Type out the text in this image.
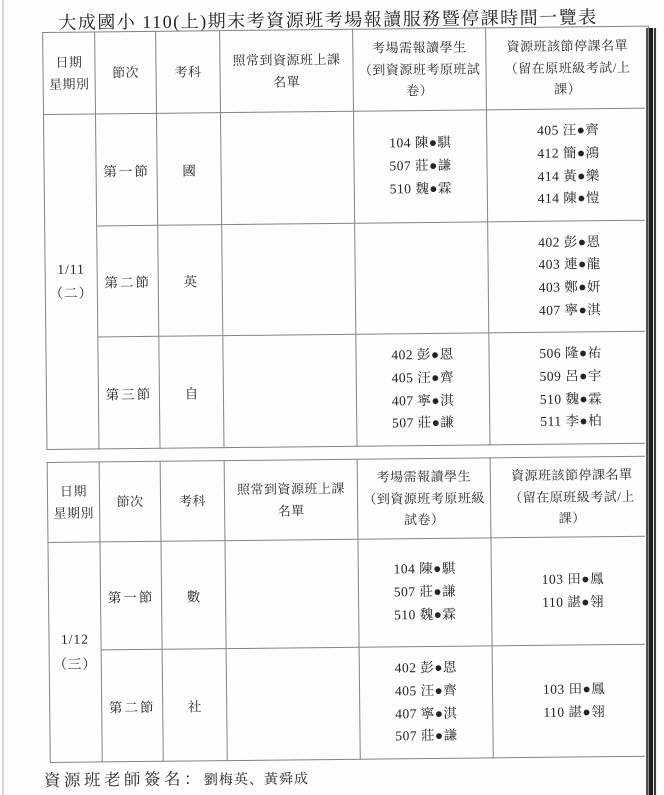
大成國小 110(上)期末考資源班考場報讀服務暨停課時間一覽表
日期
星期別	節次	考科	照常到資源班上課
名單	考場需報讀學生
（到資源班考原班試
卷）	資源班該節停課名單
（留在原班級考試/上
課）
1/11
（二）	第一節	國		104 陳●騏
507 莊●謙
510 魏●霖	405 汪●齊
412 簡●鴻
414 黃●樂
414 陳●愷
	第二節	英			402 彭●恩
403 連●龍
403 鄭●妍
407 寧●淇
	第三節	自		402 彭●恩
405 汪●齊
407 寧●淇
507 莊●謙	506 隆●祐
509 呂●宇
510 魏●霖
511 李●柏
日期
星期別	節次	考科	照常到資源班上課
名單	考場需報讀學生
（到資源班考原班級
試卷）	資源班該節停課名單
（留在原班級考試/上
課）
1/12
（三）	第一節	數		104 陳●騏
507 莊●謙
510 魏●霖	103 田●鳳
110 諶●翎
	第二節	社		402 彭●恩
405 汪●齊
407 寧●淇
507 莊●謙	103 田●鳳
110 諶●翎
資源班老師簽名：劉梅英、黃舜成
